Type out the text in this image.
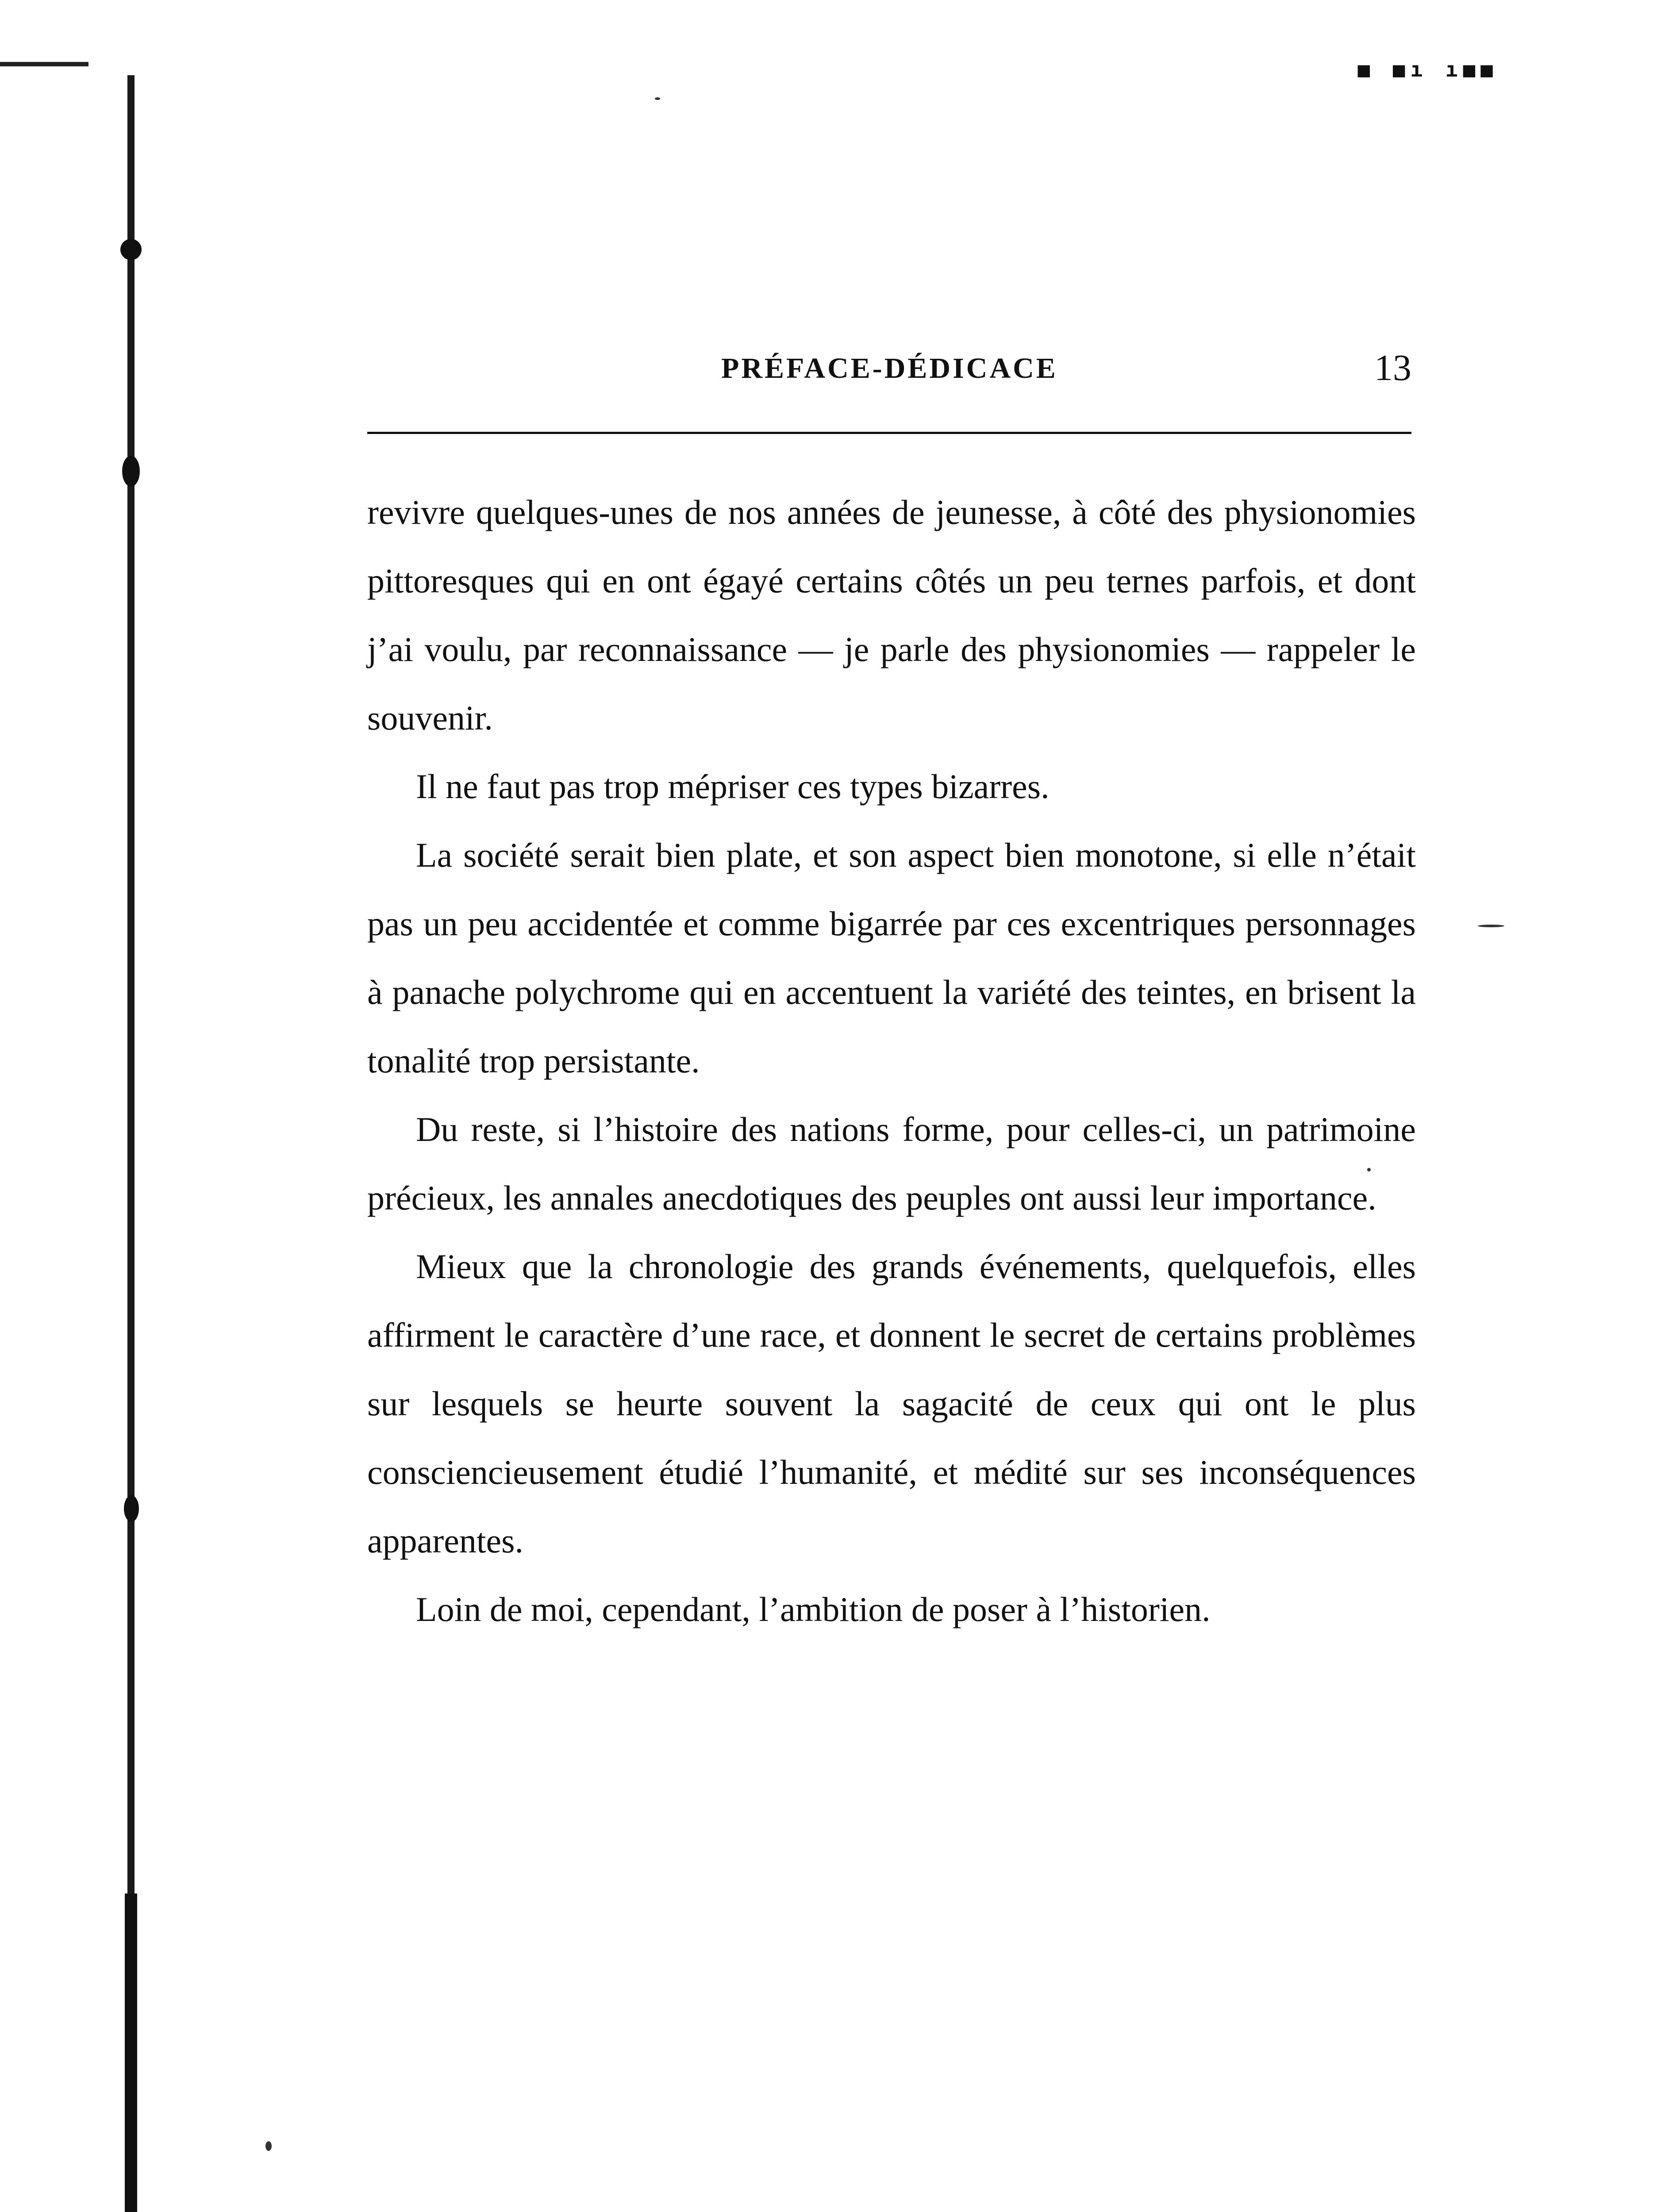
■ ■ı ı■■
PRÉFACE-DÉDICACE	13

revivre quelques-unes de nos années de jeunesse, à côté des physionomies pittoresques qui en ont égayé certains côtés un peu ternes parfois, et dont j’ai voulu, par reconnaissance — je parle des physionomies — rappeler le souvenir.

Il ne faut pas trop mépriser ces types bizarres.

La société serait bien plate, et son aspect bien monotone, si elle n’était pas un peu accidentée et comme bigarrée par ces excentriques personnages à panache polychrome qui en accentuent la variété des teintes, en brisent la tonalité trop persistante.

Du reste, si l’histoire des nations forme, pour celles-ci, un patrimoine précieux, les annales anecdotiques des peuples ont aussi leur importance.

Mieux que la chronologie des grands événements, quelquefois, elles affirment le caractère d’une race, et donnent le secret de certains problèmes sur lesquels se heurte souvent la sagacité de ceux qui ont le plus consciencieusement étudié l’humanité, et médité sur ses inconséquences apparentes.

Loin de moi, cependant, l’ambition de poser à l’historien.
